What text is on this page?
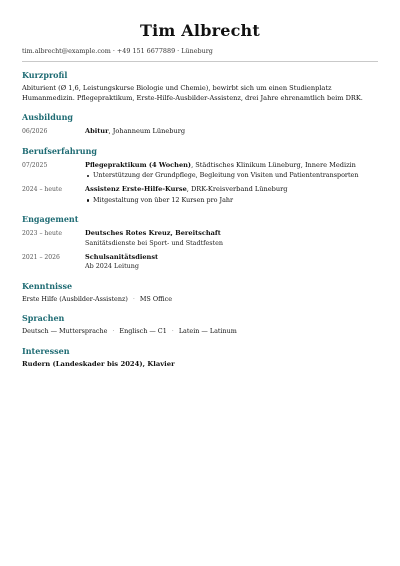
Tim Albrecht
tim.albrecht@example.com · +49 151 6677889 · Lüneburg
Kurzprofil
Abiturient (Ø 1,6, Leistungskurse Biologie und Chemie), bewirbt sich um einen Studienplatz Humanmedizin. Pflegepraktikum, Erste-Hilfe-Ausbilder-Assistenz, drei Jahre ehrenamtlich beim DRK.
Ausbildung
06/2026	Abitur, Johanneum Lüneburg
Berufserfahrung
07/2025	Pflegepraktikum (4 Wochen), Städtisches Klinikum Lüneburg, Innere Medizin
Unterstützung der Grundpflege, Begleitung von Visiten und Patiententransporten
2024 – heute	Assistenz Erste-Hilfe-Kurse, DRK-Kreisverband Lüneburg
Mitgestaltung von über 12 Kursen pro Jahr
Engagement
2023 – heute	Deutsches Rotes Kreuz, Bereitschaft
Sanitätsdienste bei Sport- und Stadtfesten
2021 – 2026	Schulsanitätsdienst
Ab 2024 Leitung
Kenntnisse
Erste Hilfe (Ausbilder-Assistenz) · MS Office
Sprachen
Deutsch — Muttersprache · Englisch — C1 · Latein — Latinum
Interessen
Rudern (Landeskader bis 2024), Klavier
